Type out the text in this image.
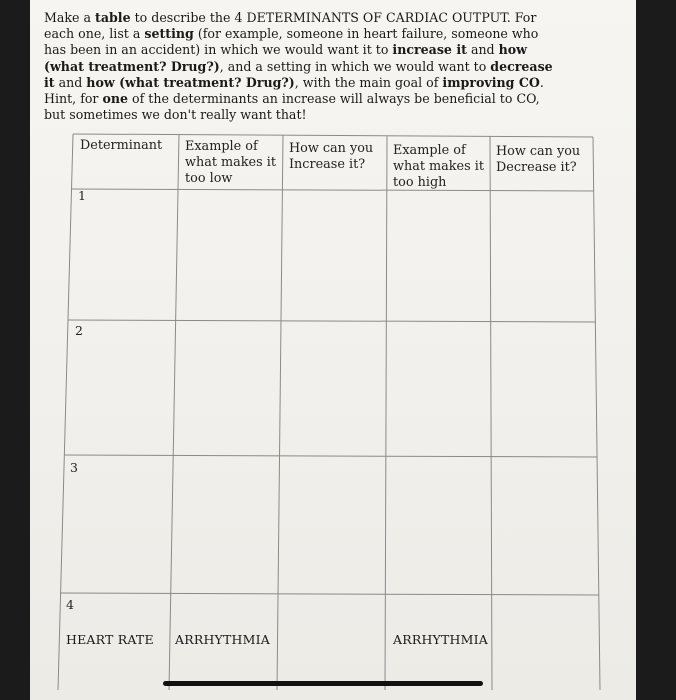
Make a table to describe the 4 DETERMINANTS OF CARDIAC OUTPUT. For each one, list a setting (for example, someone in heart failure, someone who has been in an accident) in which we would want it to increase it and how (what treatment? Drug?), and a setting in which we would want to decrease it and how (what treatment? Drug?), with the main goal of improving CO. Hint, for one of the determinants an increase will always be beneficial to CO, but sometimes we don't really want that!
Determinant	Example of what makes it too low
How can you Increase it?
Example of what makes it too high
How can you Decrease it?
1
2
3
4
HEART RATE ARRHYTHMIA	ARRHYTHMIA
